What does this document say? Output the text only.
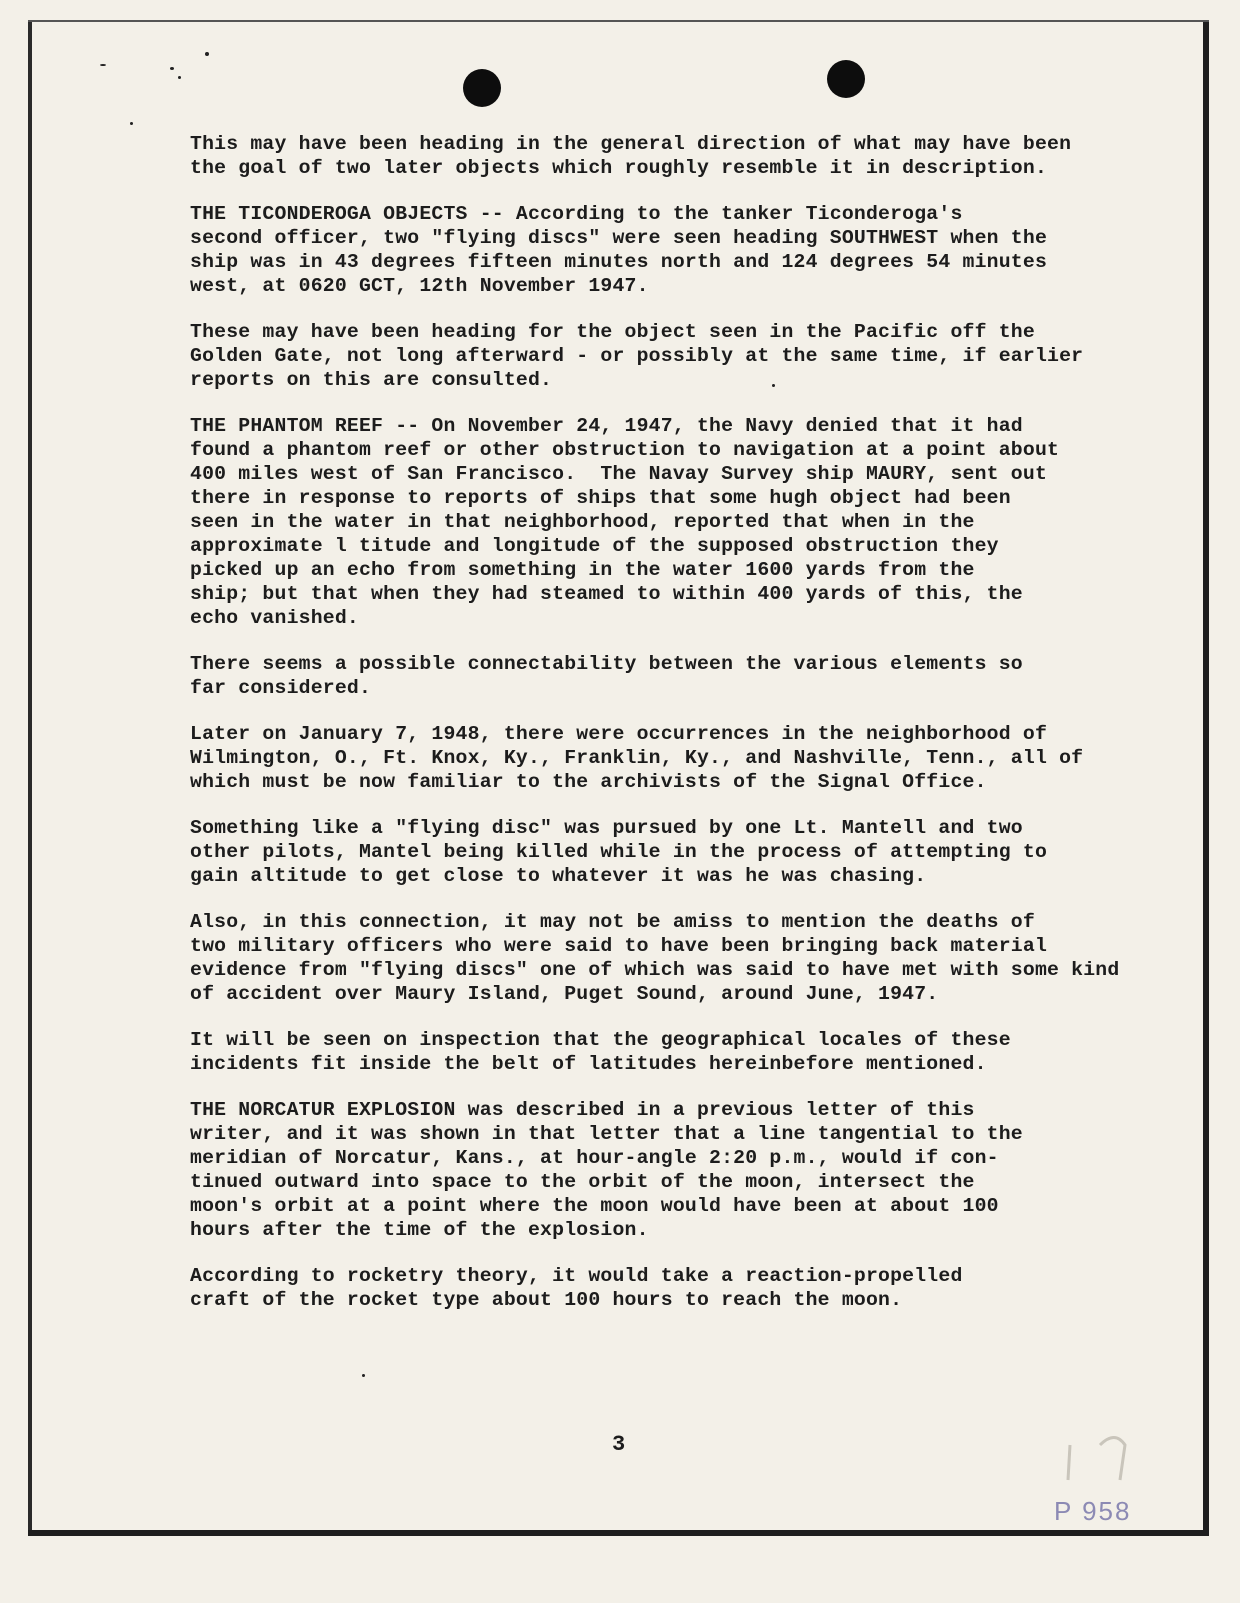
This may have been heading in the general direction of what may have been
the goal of two later objects which roughly resemble it in description.
THE TICONDEROGA OBJECTS -- According to the tanker Ticonderoga's
second officer, two "flying discs" were seen heading SOUTHWEST when the
ship was in 43 degrees fifteen minutes north and 124 degrees 54 minutes
west, at 0620 GCT, 12th November 1947.
These may have been heading for the object seen in the Pacific off the
Golden Gate, not long afterward - or possibly at the same time, if earlier
reports on this are consulted.
THE PHANTOM REEF -- On November 24, 1947, the Navy denied that it had
found a phantom reef or other obstruction to navigation at a point about
400 miles west of San Francisco.  The Navay Survey ship MAURY, sent out
there in response to reports of ships that some hugh object had been
seen in the water in that neighborhood, reported that when in the
approximate l titude and longitude of the supposed obstruction they
picked up an echo from something in the water 1600 yards from the
ship; but that when they had steamed to within 400 yards of this, the
echo vanished.
There seems a possible connectability between the various elements so
far considered.
Later on January 7, 1948, there were occurrences in the neighborhood of
Wilmington, O., Ft. Knox, Ky., Franklin, Ky., and Nashville, Tenn., all of
which must be now familiar to the archivists of the Signal Office.
Something like a "flying disc" was pursued by one Lt. Mantell and two
other pilots, Mantel being killed while in the process of attempting to
gain altitude to get close to whatever it was he was chasing.
Also, in this connection, it may not be amiss to mention the deaths of
two military officers who were said to have been bringing back material
evidence from "flying discs" one of which was said to have met with some kind
of accident over Maury Island, Puget Sound, around June, 1947.
It will be seen on inspection that the geographical locales of these
incidents fit inside the belt of latitudes hereinbefore mentioned.
THE NORCATUR EXPLOSION was described in a previous letter of this
writer, and it was shown in that letter that a line tangential to the
meridian of Norcatur, Kans., at hour-angle 2:20 p.m., would if con-
tinued outward into space to the orbit of the moon, intersect the
moon's orbit at a point where the moon would have been at about 100
hours after the time of the explosion.
According to rocketry theory, it would take a reaction-propelled
craft of the rocket type about 100 hours to reach the moon.
3
P 958
